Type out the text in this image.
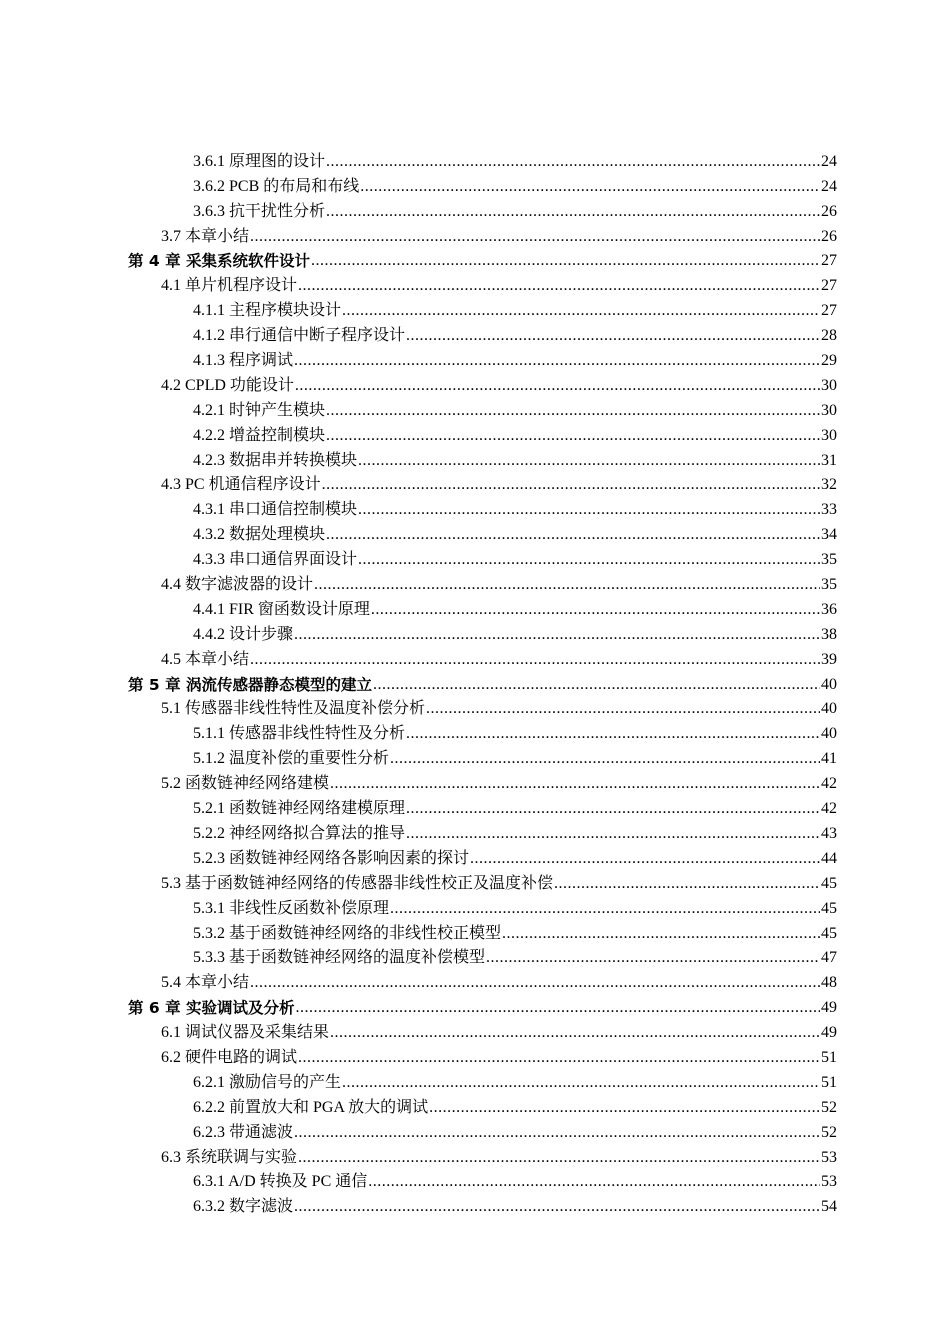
3.6.1 原理图的设计 .....	24
3.6.2 PCB 的布局和布线 .....	24
3.6.3 抗干扰性分析 .....	26
3.7 本章小结 .....	26
第 4 章 采集系统软件设计 .....	27
4.1 单片机程序设计 .....	27
4.1.1 主程序模块设计 .....	27
4.1.2 串行通信中断子程序设计 .....	28
4.1.3 程序调试 .....	29
4.2 CPLD 功能设计 .....	30
4.2.1 时钟产生模块 .....	30
4.2.2 增益控制模块 .....	30
4.2.3 数据串并转换模块 .....	31
4.3 PC 机通信程序设计 .....	32
4.3.1 串口通信控制模块 .....	33
4.3.2 数据处理模块 .....	34
4.3.3 串口通信界面设计 .....	35
4.4 数字滤波器的设计 .....	35
4.4.1 FIR 窗函数设计原理 .....	36
4.4.2 设计步骤 .....	38
4.5 本章小结 .....	39
第 5 章 涡流传感器静态模型的建立 .....	40
5.1 传感器非线性特性及温度补偿分析 .....	40
5.1.1 传感器非线性特性及分析 .....	40
5.1.2 温度补偿的重要性分析 .....	41
5.2 函数链神经网络建模 .....	42
5.2.1 函数链神经网络建模原理 .....	42
5.2.2 神经网络拟合算法的推导 .....	43
5.2.3 函数链神经网络各影响因素的探讨 .....	44
5.3 基于函数链神经网络的传感器非线性校正及温度补偿 .....	45
5.3.1 非线性反函数补偿原理 .....	45
5.3.2 基于函数链神经网络的非线性校正模型 .....	45
5.3.3 基于函数链神经网络的温度补偿模型 .....	47
5.4 本章小结 .....	48
第 6 章 实验调试及分析 .....	49
6.1 调试仪器及采集结果 .....	49
6.2 硬件电路的调试 .....	51
6.2.1 激励信号的产生 .....	51
6.2.2 前置放大和 PGA 放大的调试 .....	52
6.2.3 带通滤波 .....	52
6.3 系统联调与实验 .....	53
6.3.1 A/D 转换及 PC 通信 .....	53
6.3.2 数字滤波 .....	54
